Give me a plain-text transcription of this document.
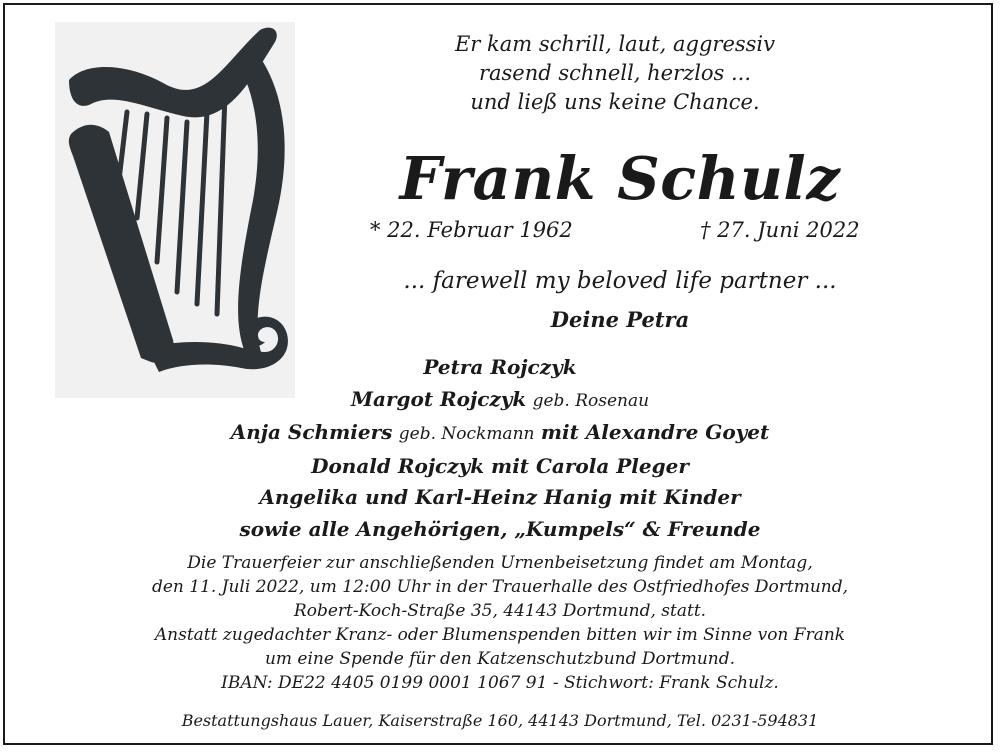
Er kam schrill, laut, aggressiv
rasend schnell, herzlos ...
und ließ uns keine Chance.
Frank Schulz
* 22. Februar 1962	† 27. Juni 2022
... farewell my beloved life partner ...
Deine Petra
Petra Rojczyk
Margot Rojczyk geb. Rosenau
Anja Schmiers geb. Nockmann mit Alexandre Goyet
Donald Rojczyk mit Carola Pleger
Angelika und Karl-Heinz Hanig mit Kinder
sowie alle Angehörigen, „Kumpels“ & Freunde
Die Trauerfeier zur anschließenden Urnenbeisetzung findet am Montag,
den 11. Juli 2022, um 12:00 Uhr in der Trauerhalle des Ostfriedhofes Dortmund,
Robert-Koch-Straße 35, 44143 Dortmund, statt.
Anstatt zugedachter Kranz- oder Blumenspenden bitten wir im Sinne von Frank
um eine Spende für den Katzenschutzbund Dortmund.
IBAN: DE22 4405 0199 0001 1067 91 - Stichwort: Frank Schulz.
Bestattungshaus Lauer, Kaiserstraße 160, 44143 Dortmund, Tel. 0231-594831
